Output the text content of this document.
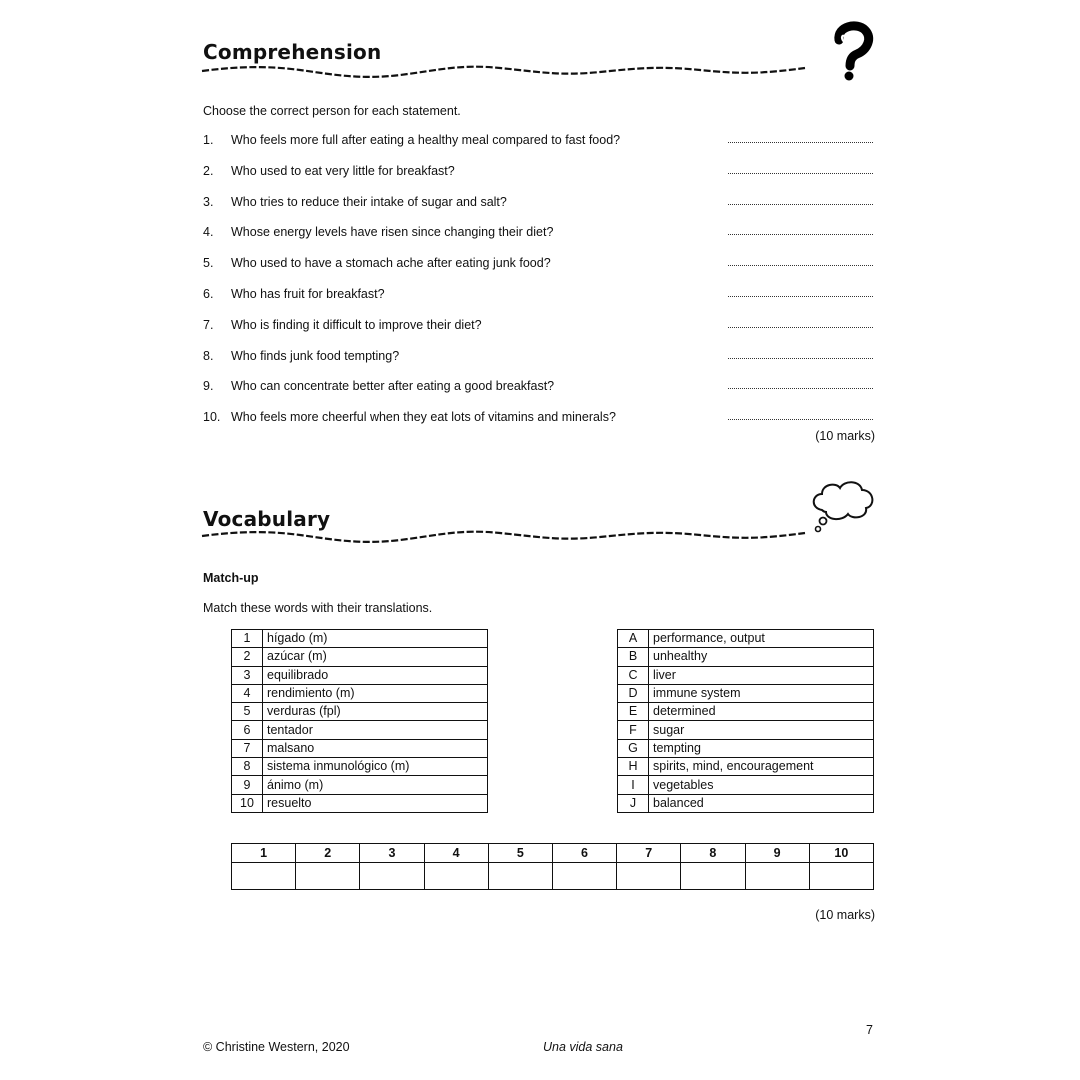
Comprehension
Choose the correct person for each statement.
1. Who feels more full after eating a healthy meal compared to fast food?
2. Who used to eat very little for breakfast?
3. Who tries to reduce their intake of sugar and salt?
4. Whose energy levels have risen since changing their diet?
5. Who used to have a stomach ache after eating junk food?
6. Who has fruit for breakfast?
7. Who is finding it difficult to improve their diet?
8. Who finds junk food tempting?
9. Who can concentrate better after eating a good breakfast?
10. Who feels more cheerful when they eat lots of vitamins and minerals?
(10 marks)
Vocabulary
Match-up
Match these words with their translations.
1	hígado (m)
2	azúcar (m)
3	equilibrado
4	rendimiento (m)
5	verduras (fpl)
6	tentador
7	malsano
8	sistema inmunológico (m)
9	ánimo (m)
10	resuelto
A	performance, output
B	unhealthy
C	liver
D	immune system
E	determined
F	sugar
G	tempting
H	spirits, mind, encouragement
I	vegetables
J	balanced
1	2	3	4	5	6	7	8	9	10

(10 marks)
7
© Christine Western, 2020	Una vida sana
